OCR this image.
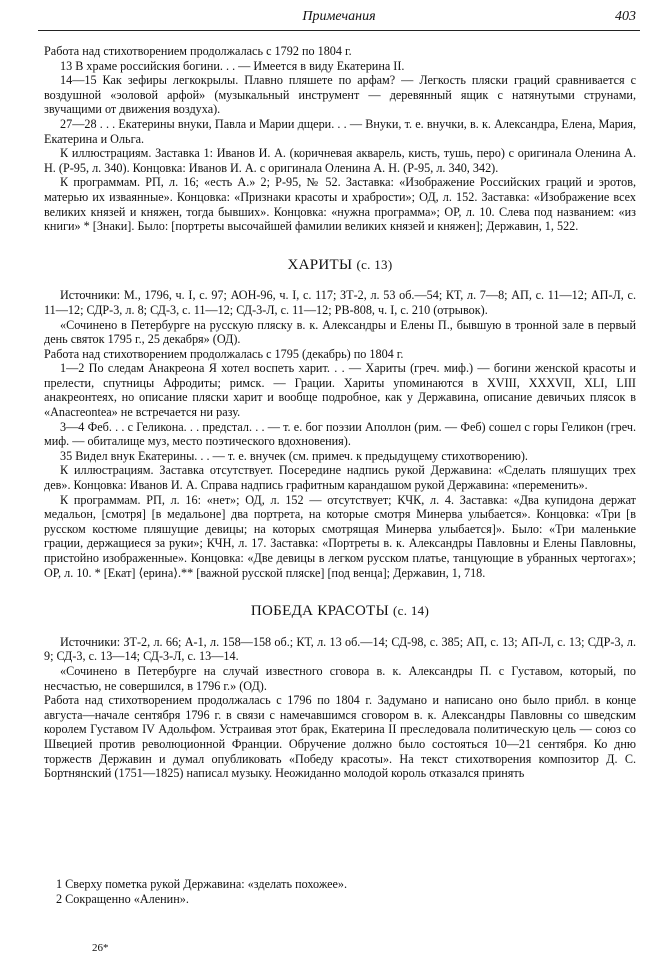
Примечания	403

Работа над стихотворением продолжалась с 1792 по 1804 г.

13 В храме российския богини. . . — Имеется в виду Екатерина II.

14—15 Как зефиры легкокрылы. Плавно пляшете по арфам? — Легкость пляски граций сравнивается с воздушной «эоловой арфой» (музыкальный инструмент — деревянный ящик с натянутыми струнами, звучащими от движения воздуха).

27—28 . . . Екатерины внуки, Павла и Марии дщери. . . — Внуки, т. е. внучки, в. к. Александра, Елена, Мария, Екатерина и Ольга.

К иллюстрациям. Заставка 1: Иванов И. А. (коричневая акварель, кисть, тушь, перо) с оригинала Оленина А. Н. (Р-95, л. 340). Концовка: Иванов И. А. с оригинала Оленина А. Н. (Р-95, л. 340, 342).

К программам. РП, л. 16; «есть А.» 2; Р-95, № 52. Заставка: «Изображение Российских граций и эротов, матерью их изваянные». Концовка: «Признаки красоты и храбрости»; ОД, л. 152. Заставка: «Изображение всех великих князей и княжен, тогда бывших». Концовка: «нужна программа»; ОР, л. 10. Слева под названием: «из книги» * [Знаки]. Было: [портреты высочайшей фамилии великих князей и княжен]; Державин, 1, 522.

ХАРИТЫ (с. 13)

Источники: М., 1796, ч. I, с. 97; АОН-96, ч. I, с. 117; ЗТ-2, л. 53 об.—54; КТ, л. 7—8; АП, с. 11—12; АП-Л, с. 11—12; СДР-3, л. 8; СД-3, с. 11—12; СД-3-Л, с. 11—12; РВ-808, ч. I, с. 210 (отрывок).

«Сочинено в Петербурге на русскую пляску в. к. Александры и Елены П., бывшую в тронной зале в первый день святок 1795 г., 25 декабря» (ОД).

Работа над стихотворением продолжалась с 1795 (декабрь) по 1804 г.

1—2 По следам Анакреона Я хотел воспеть харит. . . — Хариты (греч. миф.) — богини женской красоты и прелести, спутницы Афродиты; римск. — Грации. Хариты упоминаются в XVIII, XXXVII, XLI, LIII анакреонтеях, но описание пляски харит и вообще подробное, как у Державина, описание девичьих плясок в «Anacreontea» не встречается ни разу.

3—4 Феб. . . с Геликона. . . предстал. . . — т. е. бог поэзии Аполлон (рим. — Феб) сошел с горы Геликон (греч. миф. — обиталище муз, место поэтического вдохновения).

35 Видел внук Екатерины. . . — т. е. внучек (см. примеч. к предыдущему стихотворению).

К иллюстрациям. Заставка отсутствует. Посередине надпись рукой Державина: «Сделать пляшущих трех дев». Концовка: Иванов И. А. Справа надпись графитным карандашом рукой Державина: «переменить».

К программам. РП, л. 16: «нет»; ОД, л. 152 — отсутствует; КЧК, л. 4. Заставка: «Два купидона держат медальон, [смотря] [в медальоне] два портрета, на которые смотря Минерва улыбается». Концовка: «Три [в русском костюме пляшущие девицы; на которых смотрящая Минерва улыбается]». Было: «Три маленькие грации, держащиеся за руки»; КЧН, л. 17. Заставка: «Портреты в. к. Александры Павловны и Елены Павловны, пристойно изображенные». Концовка: «Две девицы в легком русском платье, танцующие в убранных чертогах»; ОР, л. 10. * [Екат] ⟨ерина⟩.** [важной русской пляске] [под венца]; Державин, 1, 718.

ПОБЕДА КРАСОТЫ (с. 14)

Источники: ЗТ-2, л. 66; А-1, л. 158—158 об.; КТ, л. 13 об.—14; СД-98, с. 385; АП, с. 13; АП-Л, с. 13; СДР-3, л. 9; СД-3, с. 13—14; СД-3-Л, с. 13—14.

«Сочинено в Петербурге на случай известного сговора в. к. Александры П. с Густавом, который, по несчастью, не совершился, в 1796 г.» (ОД).

Работа над стихотворением продолжалась с 1796 по 1804 г. Задумано и написано оно было прибл. в конце августа—начале сентября 1796 г. в связи с намечавшимся сговором в. к. Александры Павловны со шведским королем Густавом IV Адольфом. Устраивая этот брак, Екатерина II преследовала политическую цель — союз со Швецией против революционной Франции. Обручение должно было состояться 10—21 сентября. Ко дню торжеств Державин и думал опубликовать «Победу красоты». На текст стихотворения композитор Д. С. Бортнянский (1751—1825) написал музыку. Неожиданно молодой король отказался принять

1 Сверху пометка рукой Державина: «зделать похожее».

2 Сокращенно «Аленин».

26*
